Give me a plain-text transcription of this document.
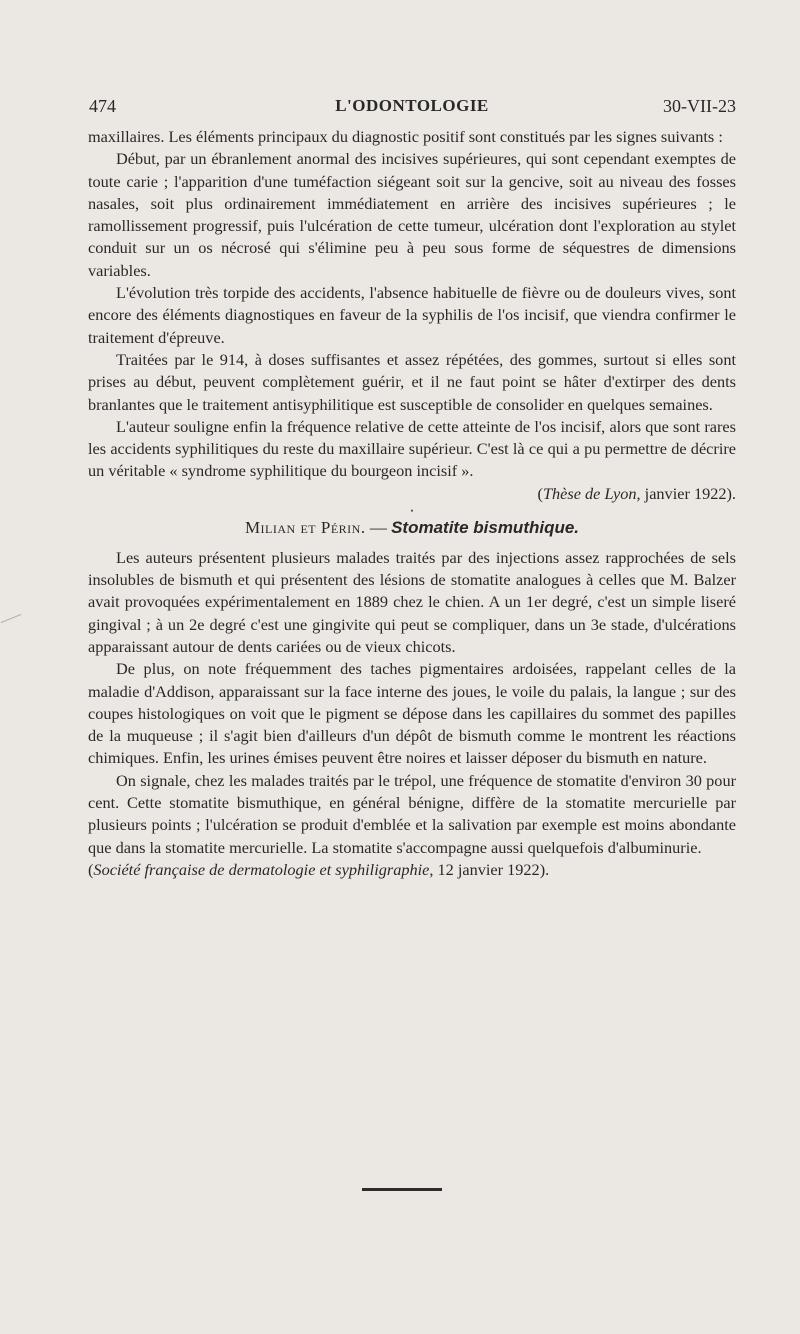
474	L'ODONTOLOGIE	30-VII-23

maxillaires. Les éléments principaux du diagnostic positif sont constitués par les signes suivants :

Début, par un ébranlement anormal des incisives supérieures, qui sont cependant exemptes de toute carie ; l'apparition d'une tuméfaction siégeant soit sur la gencive, soit au niveau des fosses nasales, soit plus ordinairement immédiatement en arrière des incisives supérieures ; le ramollissement progressif, puis l'ulcération de cette tumeur, ulcération dont l'exploration au stylet conduit sur un os nécrosé qui s'élimine peu à peu sous forme de séquestres de dimensions variables.

L'évolution très torpide des accidents, l'absence habituelle de fièvre ou de douleurs vives, sont encore des éléments diagnostiques en faveur de la syphilis de l'os incisif, que viendra confirmer le traitement d'épreuve.

Traitées par le 914, à doses suffisantes et assez répétées, des gommes, surtout si elles sont prises au début, peuvent complètement guérir, et il ne faut point se hâter d'extirper des dents branlantes que le traitement antisyphilitique est susceptible de consolider en quelques semaines.

L'auteur souligne enfin la fréquence relative de cette atteinte de l'os incisif, alors que sont rares les accidents syphilitiques du reste du maxillaire supérieur. C'est là ce qui a pu permettre de décrire un véritable « syndrome syphilitique du bourgeon incisif ».

(Thèse de Lyon, janvier 1922).
•
Milian et Périn. — Stomatite bismuthique.

Les auteurs présentent plusieurs malades traités par des injections assez rapprochées de sels insolubles de bismuth et qui présentent des lésions de stomatite analogues à celles que M. Balzer avait provoquées expérimentalement en 1889 chez le chien. A un 1er degré, c'est un simple liseré gingival ; à un 2e degré c'est une gingivite qui peut se compliquer, dans un 3e stade, d'ulcérations apparaissant autour de dents cariées ou de vieux chicots.

De plus, on note fréquemment des taches pigmentaires ardoisées, rappelant celles de la maladie d'Addison, apparaissant sur la face interne des joues, le voile du palais, la langue ; sur des coupes histologiques on voit que le pigment se dépose dans les capillaires du sommet des papilles de la muqueuse ; il s'agit bien d'ailleurs d'un dépôt de bismuth comme le montrent les réactions chimiques. Enfin, les urines émises peuvent être noires et laisser déposer du bismuth en nature.

On signale, chez les malades traités par le trépol, une fréquence de stomatite d'environ 30 pour cent. Cette stomatite bismuthique, en général bénigne, diffère de la stomatite mercurielle par plusieurs points ; l'ulcération se produit d'emblée et la salivation par exemple est moins abondante que dans la stomatite mercurielle. La stomatite s'accompagne aussi quelquefois d'albuminurie.

(Société française de dermatologie et syphiligraphie, 12 janvier 1922).
